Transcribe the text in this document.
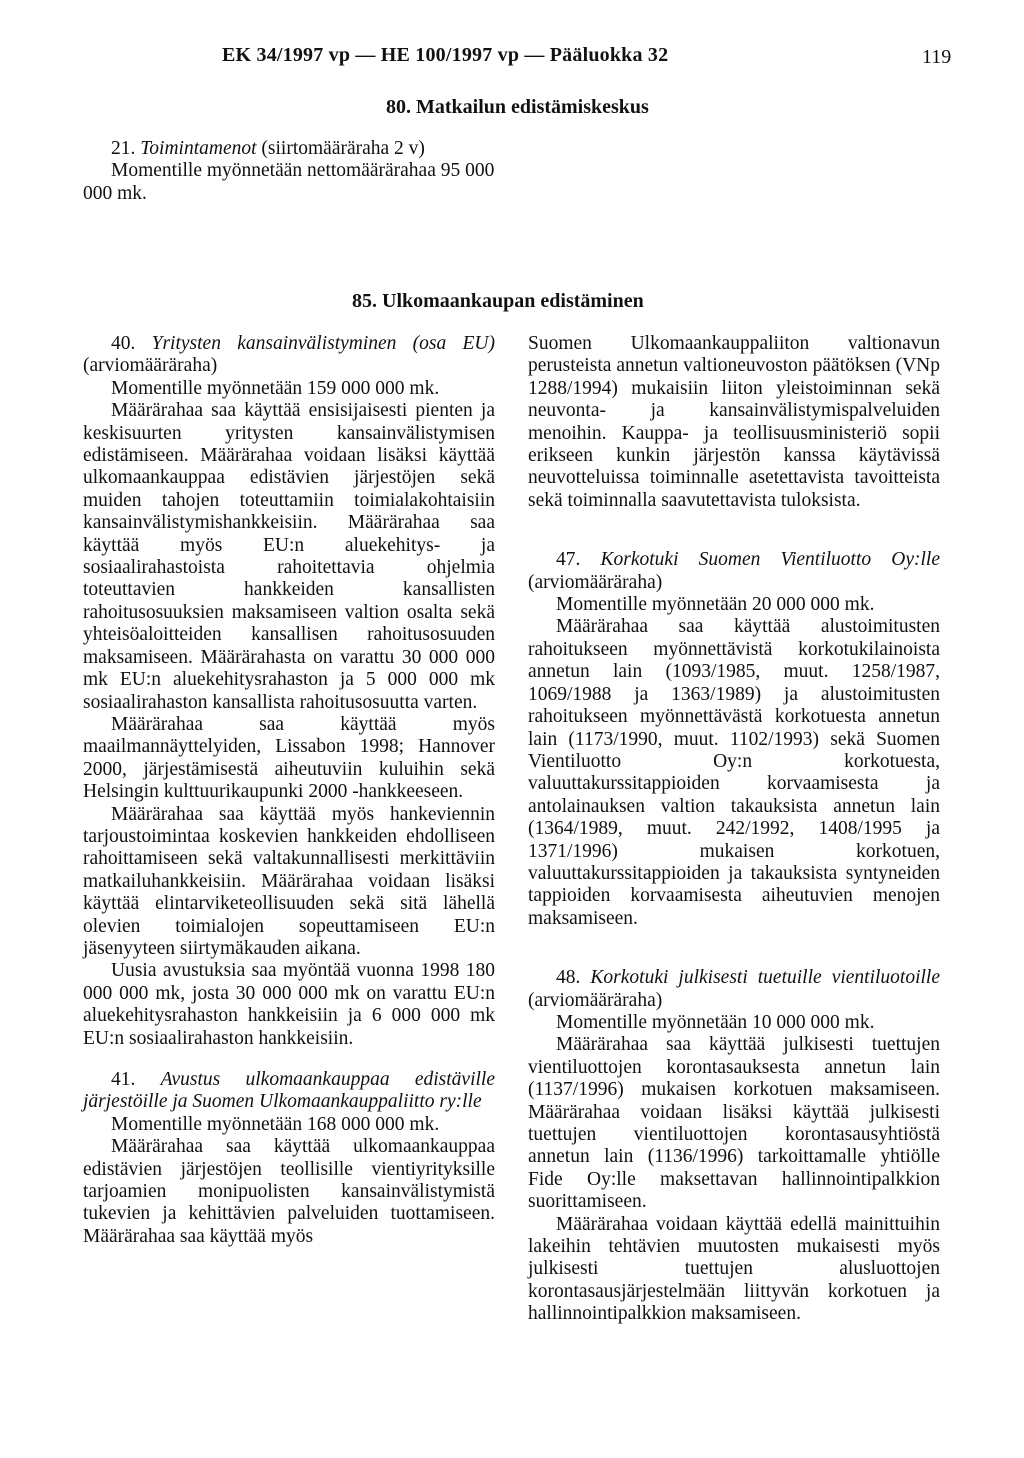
EK 34/1997 vp — HE 100/1997 vp — Pääluokka 32	119
80. Matkailun edistämiskeskus

21. Toimintamenot (siirtomääräraha 2 v)

Momentille myönnetään nettomäärärahaa 95 000 000 mk.

85. Ulkomaankaupan edistäminen

40. Yritysten kansainvälistyminen (osa EU) (arviomääräraha)

Momentille myönnetään 159 000 000 mk.

Määrärahaa saa käyttää ensisijaisesti pienten ja keskisuurten yritysten kansainvälistymisen edistämiseen. Määrärahaa voidaan lisäksi käyttää ulkomaankauppaa edistävien järjestöjen sekä muiden tahojen toteuttamiin toimialakohtaisiin kansainvälistymishankkeisiin. Määrärahaa saa käyttää myös EU:n aluekehitys- ja sosiaalirahastoista rahoitettavia ohjelmia toteuttavien hankkeiden kansallisten rahoitusosuuksien maksamiseen valtion osalta sekä yhteisöaloitteiden kansallisen rahoitusosuuden maksamiseen. Määrärahasta on varattu 30 000 000 mk EU:n aluekehitysrahaston ja 5 000 000 mk sosiaalirahaston kansallista rahoitusosuutta varten.

Määrärahaa saa käyttää myös maailmannäyttelyiden, Lissabon 1998; Hannover 2000, järjestämisestä aiheutuviin kuluihin sekä Helsingin kulttuurikaupunki 2000 -hankkeeseen.

Määrärahaa saa käyttää myös hankeviennin tarjoustoimintaa koskevien hankkeiden ehdolliseen rahoittamiseen sekä valtakunnallisesti merkittäviin matkailuhankkeisiin. Määrärahaa voidaan lisäksi käyttää elintarviketeollisuuden sekä sitä lähellä olevien toimialojen sopeuttamiseen EU:n jäsenyyteen siirtymäkauden aikana.

Uusia avustuksia saa myöntää vuonna 1998 180 000 000 mk, josta 30 000 000 mk on varattu EU:n aluekehitysrahaston hankkeisiin ja 6 000 000 mk EU:n sosiaalirahaston hankkeisiin.

41. Avustus ulkomaankauppaa edistäville järjestöille ja Suomen Ulkomaankauppaliitto ry:lle

Momentille myönnetään 168 000 000 mk.

Määrärahaa saa käyttää ulkomaankauppaa edistävien järjestöjen teollisille vientiyrityksille tarjoamien monipuolisten kansainvälistymistä tukevien ja kehittävien palveluiden tuottamiseen. Määrärahaa saa käyttää myös

Suomen Ulkomaankauppaliiton valtionavun perusteista annetun valtioneuvoston päätöksen (VNp 1288/1994) mukaisiin liiton yleistoiminnan sekä neuvonta- ja kansainvälistymispalveluiden menoihin. Kauppa- ja teollisuusministeriö sopii erikseen kunkin järjestön kanssa käytävissä neuvotteluissa toiminnalle asetettavista tavoitteista sekä toiminnalla saavutettavista tuloksista.

47. Korkotuki Suomen Vientiluotto Oy:lle (arviomääräraha)

Momentille myönnetään 20 000 000 mk.

Määrärahaa saa käyttää alustoimitusten rahoitukseen myönnettävistä korkotukilainoista annetun lain (1093/1985, muut. 1258/1987, 1069/1988 ja 1363/1989) ja alustoimitusten rahoitukseen myönnettävästä korkotuesta annetun lain (1173/1990, muut. 1102/1993) sekä Suomen Vientiluotto Oy:n korkotuesta, valuuttakurssitappioiden korvaamisesta ja antolainauksen valtion takauksista annetun lain (1364/1989, muut. 242/1992, 1408/1995 ja 1371/1996) mukaisen korkotuen, valuuttakurssitappioiden ja takauksista syntyneiden tappioiden korvaamisesta aiheutuvien menojen maksamiseen.

48. Korkotuki julkisesti tuetuille vientiluotoille (arviomääräraha)

Momentille myönnetään 10 000 000 mk.

Määrärahaa saa käyttää julkisesti tuettujen vientiluottojen korontasauksesta annetun lain (1137/1996) mukaisen korkotuen maksamiseen. Määrärahaa voidaan lisäksi käyttää julkisesti tuettujen vientiluottojen korontasausyhtiöstä annetun lain (1136/1996) tarkoittamalle yhtiölle Fide Oy:lle maksettavan hallinnointipalkkion suorittamiseen.

Määrärahaa voidaan käyttää edellä mainittuihin lakeihin tehtävien muutosten mukaisesti myös julkisesti tuettujen alusluottojen korontasausjärjestelmään liittyvän korkotuen ja hallinnointipalkkion maksamiseen.
